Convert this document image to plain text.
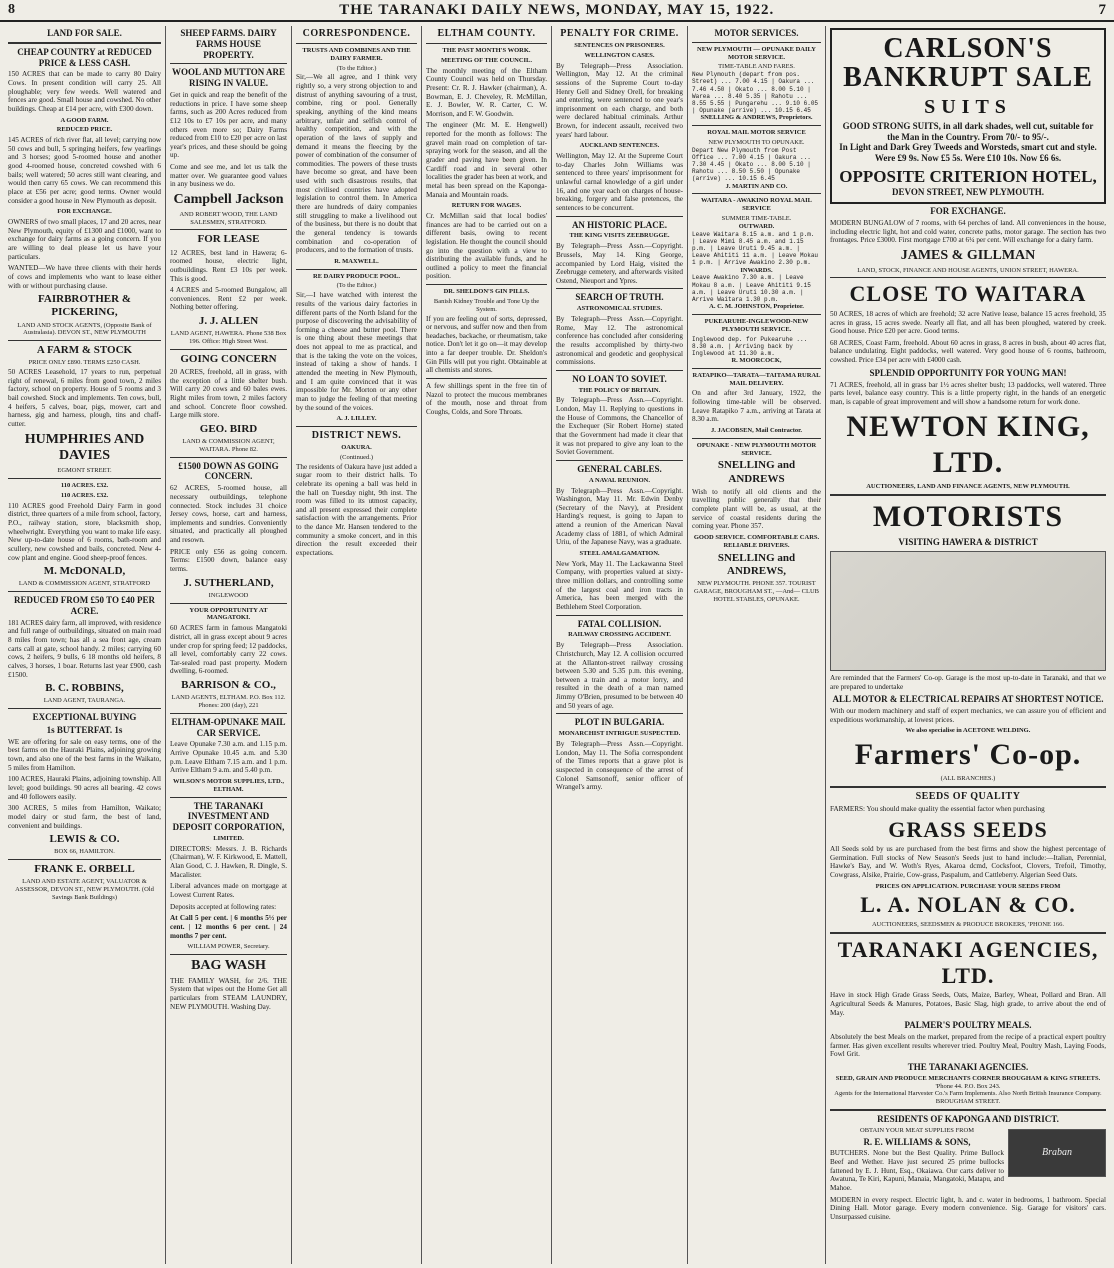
8	THE TARANAKI DAILY NEWS, MONDAY, MAY 15, 1922.	7
LAND FOR SALE.
CHEAP COUNTRY at REDUCED PRICE & LESS CASH.
150 ACRES that can be made to carry 80 Dairy Cows. In present condition will carry 25. All ploughable; very few weeds. Well watered and fences are good. Small house and cowshed. No other buildings. Cheap at £14 per acre, with £300 down.
A GOOD FARM.
REDUCED PRICE.
145 ACRES of rich river flat, all level; carrying now 50 cows and bull, 5 springing heifers, few yearlings and 3 horses; good 5-roomed house and another good 4-roomed house, concreted cowshed with 6 bails; well watered; 50 acres still want clearing, and would then carry 65 cows. We can recommend this place at £56 per acre; good terms. Owner would consider a good house in New Plymouth as deposit.
FOR EXCHANGE.
OWNERS of two small places, 17 and 20 acres, near New Plymouth, equity of £1300 and £1000, want to exchange for dairy farms as a going concern. If you are willing to deal please let us have your particulars.
WANTED—We have three clients with their herds of cows and implements who want to lease either with or without purchasing clause.
FAIRBROTHER & PICKERING,
LAND AND STOCK AGENTS, (Opposite Bank of Australasia). DEVON ST., NEW PLYMOUTH
A FARM & STOCK
PRICE ONLY £890. TERMS £250 CASH.
50 ACRES Leasehold, 17 years to run, perpetual right of renewal, 6 miles from good town, 2 miles factory, school on property. House of 5 rooms and 3 bail cowshed. Stock and implements. Ten cows, bull, 4 heifers, 5 calves, boar, pigs, mower, cart and harness, gig and harness, plough, tins and chaff-cutter.
HUMPHRIES AND DAVIES
EGMONT STREET.
110 ACRES. £32.
110 ACRES. £32.
110 ACRES good Freehold Dairy Farm in good district, three quarters of a mile from school, factory, P.O., railway station, store, blacksmith shop, wheelwright. Everything you want to make life easy. New up-to-date house of 6 rooms, bath-room and scullery, new cowshed and bails, concreted. New 4-cow plant and engine. Good sheep-proof fences.
M. McDONALD,
LAND & COMMISSION AGENT, STRATFORD
REDUCED FROM £50 TO £40 PER ACRE.
181 ACRES dairy farm, all improved, with residence and full range of outbuildings, situated on main road 8 miles from town; has all a sea front age, cream carts call at gate, school handy. 2 miles; carrying 60 cows, 2 heifers, 9 bulls, 6 18 months old heifers, 8 calves, 3 horses, 1 boar. Returns last year £900, cash £1500.
B. C. ROBBINS,
LAND AGENT, TAURANGA.
EXCEPTIONAL BUYING
1s BUTTERFAT. 1s
WE are offering for sale on easy terms, one of the best farms on the Hauraki Plains, adjoining growing town, and also one of the best farms in the Waikato, 5 miles from Hamilton.
100 ACRES, Hauraki Plains, adjoining township. All level; good buildings. 90 acres all bearing. 42 cows and 40 followers easily.
300 ACRES, 5 miles from Hamilton, Waikato; model dairy or stud farm, the best of land, convenient and buildings.
LEWIS & CO.
BOX 66, HAMILTON.
FRANK E. ORBELL
LAND AND ESTATE AGENT, VALUATOR & ASSESSOR, DEVON ST., NEW PLYMOUTH. (Old Savings Bank Buildings)
SHEEP FARMS. DAIRY FARMS HOUSE PROPERTY.
WOOL AND MUTTON ARE RISING IN VALUE.
Get in quick and reap the benefit of the reductions in price. I have some sheep farms, such as 200 Acres reduced from £12 10s to £7 10s per acre, and many others even more so; Dairy Farms reduced from £10 to £20 per acre on last year's prices, and these should be going up.
Come and see me, and let us talk the matter over. We guarantee good values in any business we do.
Campbell Jackson
AND ROBERT WOOD, THE LAND SALESMEN, STRATFORD.
FOR LEASE
12 ACRES, best land in Hawera; 6-roomed house, electric light, outbuildings. Rent £3 10s per week. This is good.
4 ACRES and 5-roomed Bungalow, all conveniences. Rent £2 per week. Nothing better offering.
J. J. ALLEN
LAND AGENT, HAWERA. Phone 538 Box 196. Office: High Street West.
GOING CONCERN
20 ACRES, freehold, all in grass, with the exception of a little shelter bush. Will carry 20 cows and 60 bales ewes. Right miles from town, 2 miles factory and school. Concrete floor cowshed. Large milk store.
GEO. BIRD
LAND & COMMISSION AGENT, WAITARA. Phone 82.
£1500 DOWN AS GOING CONCERN.
62 ACRES, 5-roomed house, all necessary outbuildings, telephone connected. Stock includes 31 choice Jersey cows, horse, cart and harness, implements and sundries. Conveniently situated, and practically all ploughed and resown.
PRICE only £56 as going concern. Terms: £1500 down, balance easy terms.
J. SUTHERLAND,
INGLEWOOD
YOUR OPPORTUNITY AT MANGATOKI.
60 ACRES farm in famous Mangatoki district, all in grass except about 9 acres under crop for spring feed; 12 paddocks, all level, comfortably carry 22 cows. Tar-sealed road past property. Modern dwelling, 6-roomed.
BARRISON & CO.,
LAND AGENTS, ELTHAM. P.O. Box 112. Phones: 200 (day), 221
ELTHAM-OPUNAKE MAIL CAR SERVICE.
Leave Opunake 7.30 a.m. and 1.15 p.m. Arrive Opunake 10.45 a.m. and 5.30 p.m. Leave Eltham 7.15 a.m. and 1 p.m. Arrive Eltham 9 a.m. and 5.40 p.m.
WILSON'S MOTOR SUPPLIES, LTD., ELTHAM.
THE TARANAKI INVESTMENT AND DEPOSIT CORPORATION,
LIMITED.
DIRECTORS: Messrs. J. B. Richards (Chairman), W. F. Kirkwood, E. Mattell, Alan Good, C. J. Hawken, R. Dingle, S. Macalister.
Liberal advances made on mortgage at Lowest Current Rates.
Deposits accepted at following rates:
At Call 5 per cent. | 6 months 5½ per cent. | 12 months 6 per cent. | 24 months 7 per cent.
WILLIAM POWER, Secretary.
BAG WASH
THE FAMILY WASH, for 2/6. THE System that wipes out the Home Get all particulars from STEAM LAUNDRY, NEW PLYMOUTH. Washing Day.
CORRESPONDENCE.
TRUSTS AND COMBINES AND THE DAIRY FARMER.
(To the Editor.)
Sir,—We all agree, and I think very rightly so, a very strong objection to and distrust of anything savouring of a trust, combine, ring or pool. Generally speaking, anything of the kind means arbitrary, unfair and selfish control of healthy competition, and with the operation of the laws of supply and demand it means the fleecing by the power of combination of the consumer of commodities. The powers of these trusts have become so great, and have been used with such disastrous results, that most civilised countries have adopted legislation to control them. In America there are hundreds of dairy companies still struggling to make a livelihood out of the business, but there is no doubt that the general tendency is towards combination and co-operation of producers, and to the formation of trusts.
R. MAXWELL.
RE DAIRY PRODUCE POOL.
(To the Editor.)
Sir,—I have watched with interest the results of the various dairy factories in different parts of the North Island for the purpose of discovering the advisability of forming a cheese and butter pool. There is one thing about these meetings that does not appeal to me as practical, and that is the taking the vote on the voices, instead of taking a show of hands. I attended the meeting in New Plymouth, and I am quite convinced that it was impossible for Mr. Morton or any other man to judge the feeling of that meeting by the sound of the voices.
A. J. LILLEY.
DISTRICT NEWS.
OAKURA.
(Continued.)
The residents of Oakura have just added a sugar room to their district halls. To celebrate its opening a ball was held in the hall on Tuesday night, 9th inst. The room was filled to its utmost capacity, and all present expressed their complete satisfaction with the arrangements. Prior to the dance Mr. Hansen tendered to the community a smoke concert, and in this direction the result exceeded their expectations.
ELTHAM COUNTY.
THE PAST MONTH'S WORK.
MEETING OF THE COUNCIL.
The monthly meeting of the Eltham County Council was held on Thursday. Present: Cr. R. J. Hawker (chairman), A. Bowman, E. J. Cheveley, R. McMillan, E. J. Bowler, W. R. Carter, C. W. Morrison, and F. W. Goodwin.
The engineer (Mr. M. E. Hengwell) reported for the month as follows: The gravel main road on completion of tar-spraying work for the season, and all the grader and paving have been given. In Cardiff road and in several other localities the grader has been at work, and metal has been spread on the Kaponga-Manaia and Mountain roads.
RETURN FOR WAGES.
Cr. McMillan said that local bodies' finances are had to be carried out on a different basis, owing to recent legislation. He thought the council should go into the question with a view to distributing the available funds, and he outlined a policy to meet the financial position.
DR. SHELDON'S GIN PILLS.
Banish Kidney Trouble and Tone Up the System.
If you are feeling out of sorts, depressed, or nervous, and suffer now and then from headaches, backache, or rheumatism, take notice. Don't let it go on—it may develop into a far deeper trouble. Dr. Sheldon's Gin Pills will put you right. Obtainable at all chemists and stores.
A few shillings spent in the free tin of Nazol to protect the mucous membranes of the mouth, nose and throat from Coughs, Colds, and Sore Throats.
PENALTY FOR CRIME.
SENTENCES ON PRISONERS.
WELLINGTON CASES.
By Telegraph—Press Association. Wellington, May 12. At the criminal sessions of the Supreme Court to-day Henry Gell and Sidney Orell, for breaking and entering, were sentenced to one year's imprisonment on each charge, and both were declared habitual criminals. Arthur Brown, for indecent assault, received two years' hard labour.
AUCKLAND SENTENCES.
Wellington, May 12. At the Supreme Court to-day Charles John Williams was sentenced to three years' imprisonment for unlawful carnal knowledge of a girl under 16, and one year each on charges of house-breaking, forgery and false pretences, the sentences to be concurrent.
AN HISTORIC PLACE.
THE KING VISITS ZEEBRUGGE.
By Telegraph—Press Assn.—Copyright. Brussels, May 14. King George, accompanied by Lord Haig, visited the Zeebrugge cemetery, and afterwards visited Ostend, Nieuport and Ypres.
SEARCH OF TRUTH.
ASTRONOMICAL STUDIES.
By Telegraph—Press Assn.—Copyright. Rome, May 12. The astronomical conference has concluded after considering the results accomplished by thirty-two astronomical and geodetic and geophysical commissions.
NO LOAN TO SOVIET.
THE POLICY OF BRITAIN.
By Telegraph—Press Assn.—Copyright. London, May 11. Replying to questions in the House of Commons, the Chancellor of the Exchequer (Sir Robert Horne) stated that the Government had made it clear that it was not prepared to give any loan to the Soviet Government.
GENERAL CABLES.
A NAVAL REUNION.
By Telegraph—Press Assn.—Copyright. Washington, May 11. Mr. Edwin Denby (Secretary of the Navy), at President Harding's request, is going to Japan to attend a reunion of the American Naval Academy class of 1881, of which Admiral Uriu, of the Japanese Navy, was a graduate.
STEEL AMALGAMATION.
New York, May 11. The Lackawanna Steel Company, with properties valued at sixty-three million dollars, and controlling some of the largest coal and iron tracts in America, has been merged with the Bethlehem Steel Corporation.
FATAL COLLISION.
RAILWAY CROSSING ACCIDENT.
By Telegraph—Press Association. Christchurch, May 12. A collision occurred at the Allanton-street railway crossing between 5.30 and 5.35 p.m. this evening, between a train and a motor lorry, and resulted in the death of a man named Jimmy O'Brien, presumed to be between 40 and 50 years of age.
PLOT IN BULGARIA.
MONARCHIST INTRIGUE SUSPECTED.
By Telegraph—Press Assn.—Copyright. London, May 11. The Sofia correspondent of the Times reports that a grave plot is suspected in consequence of the arrest of Colonel Samsonoff, senior officer of Wrangel's army.
MOTOR SERVICES.
NEW PLYMOUTH — OPUNAKE DAILY MOTOR SERVICE.
TIME-TABLE AND FARES.
New Plymouth (depart from pos. Street) ... 7.00 4.15 | Oakura ... 7.46 4.50 | Okato ... 8.00 5.10 | Warea ... 8.40 5.35 | Rahotu ... 8.55 5.55 | Pungarehu ... 9.10 6.05 | Opunake (arrive) ... 10.15 6.45
SNELLING & ANDREWS, Proprietors.
ROYAL MAIL MOTOR SERVICE
NEW PLYMOUTH TO OPUNAKE.
Depart New Plymouth from Post Office ... 7.00 4.15 | Oakura ... 7.30 4.45 | Okato ... 8.00 5.10 | Rahotu ... 8.50 5.50 | Opunake (arrive) ... 10.15 6.45
J. MARTIN AND CO.
WAITARA - AWAKINO ROYAL MAIL SERVICE
SUMMER TIME-TABLE.
OUTWARD.
Leave Waitara 8.15 a.m. and 1 p.m. | Leave Mimi 8.45 a.m. and 1.15 p.m. | Leave Uruti 9.45 a.m. | Leave Ahititi 11 a.m. | Leave Mokau 1 p.m. | Arrive Awakino 2.30 p.m.
INWARDS.
Leave Awakino 7.30 a.m. | Leave Mokau 8 a.m. | Leave Ahititi 9.15 a.m. | Leave Uruti 10.30 a.m. | Arrive Waitara 1.30 p.m.
A. C. M. JOHNSTON, Proprietor.
PUKEARUHE-INGLEWOOD-NEW PLYMOUTH SERVICE.
Inglewood dep. for Pukearuhe ... 8.30 a.m. | Arriving back by Inglewood at 11.30 a.m.
R. MOORCOCK,
RATAPIKO—TARATA—TAITAMA RURAL MAIL DELIVERY.
On and after 3rd January, 1922, the following time-table will be observed. Leave Ratapiko 7 a.m., arriving at Tarata at 8.30 a.m.
J. JACOBSEN, Mail Contractor.
OPUNAKE - NEW PLYMOUTH MOTOR SERVICE.
SNELLING and ANDREWS
Wish to notify all old clients and the travelling public generally that their complete plant will be, as usual, at the service of coastal residents during the coming year. Phone 357.
GOOD SERVICE. COMFORTABLE CARS. RELIABLE DRIVERS.
SNELLING and ANDREWS,
NEW PLYMOUTH. PHONE 357. TOURIST GARAGE, BROUGHAM ST., —And— CLUB HOTEL STABLES, OPUNAKE.
CARLSON'S BANKRUPT SALE
SUITS
GOOD STRONG SUITS, in all dark shades, well cut, suitable for the Man in the Country. From 70/- to 95/-.
In Light and Dark Grey Tweeds and Worsteds, smart cut and style. Were £9 9s. Now £5 5s. Were £10 10s. Now £6 6s.
OPPOSITE CRITERION HOTEL,
DEVON STREET, NEW PLYMOUTH.
FOR EXCHANGE.
MODERN BUNGALOW of 7 rooms, with 64 perches of land. All conveniences in the house, including electric light, hot and cold water, concrete paths, motor garage. The section has two frontages. Price £3000. First mortgage £700 at 6¼ per cent. Will exchange for a dairy farm.
JAMES & GILLMAN
LAND, STOCK, FINANCE AND HOUSE AGENTS, UNION STREET, HAWERA.
CLOSE TO WAITARA
50 ACRES, 18 acres of which are freehold; 32 acre Native lease, balance 15 acres freehold, 35 acres in grass, 15 acres swede. Nearly all flat, and all has been ploughed, watered by creek. Good house. Price £20 per acre. Good terms.
68 ACRES, Coast Farm, freehold. About 60 acres in grass, 8 acres in bush, about 40 acres flat, balance undulating. Eight paddocks, well watered. Very good house of 6 rooms, bathroom, cowshed. Price £34 per acre with £4000 cash.
SPLENDID OPPORTUNITY FOR YOUNG MAN!
71 ACRES, freehold, all in grass bar 1½ acres shelter bush; 13 paddocks, well watered. Three parts level, balance easy country. This is a little property right, in the hands of an energetic man, is capable of great improvement and will show a handsome return for work done.
NEWTON KING, LTD.
AUCTIONEERS, LAND AND FINANCE AGENTS, NEW PLYMOUTH.
MOTORISTS
VISITING HAWERA & DISTRICT
Are reminded that the Farmers' Co-op. Garage is the most up-to-date in Taranaki, and that we are prepared to undertake
ALL MOTOR & ELECTRICAL REPAIRS AT SHORTEST NOTICE.
With our modern machinery and staff of expert mechanics, we can assure you of efficient and expeditious workmanship, at lowest prices.
We also specialise in ACETONE WELDING.
Farmers' Co-op.
(ALL BRANCHES.)
SEEDS OF QUALITY
FARMERS: You should make quality the essential factor when purchasing
GRASS SEEDS
All Seeds sold by us are purchased from the best firms and show the highest percentage of Germination. Full stocks of New Season's Seeds just to hand include:—Italian, Perennial, Hawke's Bay, and W. Woth's Ryes, Akaroa dcmd, Cocksfoot, Clovers, Trefoil, Timothy, Cowgrass, Alsike, Prairie, Cow-grass, Paspalum, and Cattleberry. Algerian Seed Oats.
PRICES ON APPLICATION. PURCHASE YOUR SEEDS FROM
L. A. NOLAN & CO.
AUCTIONEERS, SEEDSMEN & PRODUCE BROKERS, 'PHONE 166.
TARANAKI AGENCIES, LTD.
Have in stock High Grade Grass Seeds, Oats, Maize, Barley, Wheat, Pollard and Bran. All Agricultural Seeds & Manures, Potatoes, Basic Slag, high grade, to arrive about the end of May.
PALMER'S POULTRY MEALS.
Absolutely the best Meals on the market, prepared from the recipe of a practical expert poultry farmer. Has given excellent results wherever tried. Poultry Meal, Poultry Mash, Laying Foods, Fowl Grit.
THE TARANAKI AGENCIES.
SEED, GRAIN AND PRODUCE MERCHANTS CORNER BROUGHAM & KING STREETS.
'Phone 44. P.O. Box 243.
Agents for the International Harvester Co.'s Farm Implements. Also North British Insurance Company. BROUGHAM STREET.
RESIDENTS OF KAPONGA AND DISTRICT.
Braban
OBTAIN YOUR MEAT SUPPLIES FROM
R. E. WILLIAMS & SONS,
BUTCHERS. None but the Best Quality. Prime Bullock Beef and Wether. Have just secured 25 prime bullocks fattened by E. J. Hunt, Esq., Okaiawa. Our carts deliver to Awatuna, Te Kiri, Kapuni, Manaia, Mangatoki, Matapu, and Mahoe.
MODERN in every respect. Electric light, h. and c. water in bedrooms, 1 bathroom. Special Dining Hall. Motor garage. Every modern convenience. Sig. Garage for visitors' cars. Unsurpassed cuisine.
